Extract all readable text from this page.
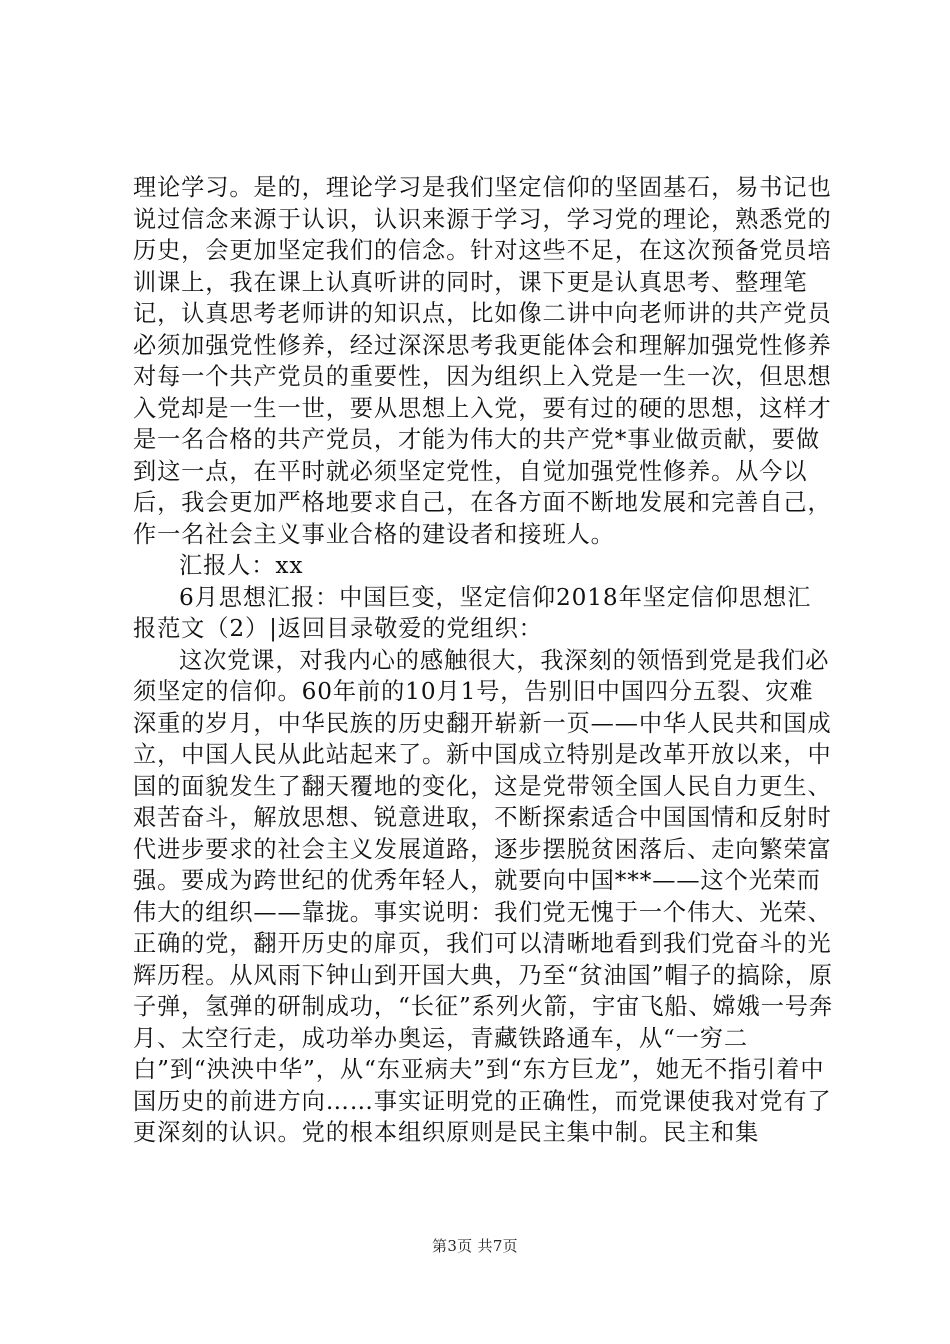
理论学习。是的，理论学习是我们坚定信仰的坚固基石，易书记也说过信念来源于认识，认识来源于学习，学习党的理论，熟悉党的历史，会更加坚定我们的信念。针对这些不足，在这次预备党员培训课上，我在课上认真听讲的同时，课下更是认真思考、整理笔记，认真思考老师讲的知识点，比如像二讲中向老师讲的共产党员必须加强党性修养，经过深深思考我更能体会和理解加强党性修养对每一个共产党员的重要性，因为组织上入党是一生一次，但思想入党却是一生一世，要从思想上入党，要有过的硬的思想，这样才是一名合格的共产党员，才能为伟大的共产党*事业做贡献，要做到这一点，在平时就必须坚定党性，自觉加强党性修养。从今以后，我会更加严格地要求自己，在各方面不断地发展和完善自己，作一名社会主义事业合格的建设者和接班人。

汇报人：xx

6月思想汇报：中国巨变，坚定信仰2018年坚定信仰思想汇报范文（2）|返回目录敬爱的党组织：

这次党课，对我内心的感触很大，我深刻的领悟到党是我们必须坚定的信仰。60年前的10月1号，告别旧中国四分五裂、灾难深重的岁月，中华民族的历史翻开崭新一页——中华人民共和国成立，中国人民从此站起来了。新中国成立特别是改革开放以来，中国的面貌发生了翻天覆地的变化，这是党带领全国人民自力更生、艰苦奋斗，解放思想、锐意进取，不断探索适合中国国情和反射时代进步要求的社会主义发展道路，逐步摆脱贫困落后、走向繁荣富强。要成为跨世纪的优秀年轻人，就要向中国***——这个光荣而伟大的组织——靠拢。事实说明：我们党无愧于一个伟大、光荣、正确的党，翻开历史的扉页，我们可以清晰地看到我们党奋斗的光辉历程。从风雨下钟山到开国大典，乃至“贫油国”帽子的搞除，原子弹，氢弹的研制成功，“长征”系列火箭，宇宙飞船、嫦娥一号奔月、太空行走，成功举办奥运，青藏铁路通车，从“一穷二白”到“泱泱中华”，从“东亚病夫”到“东方巨龙”，她无不指引着中国历史的前进方向……事实证明党的正确性，而党课使我对党有了更深刻的认识。党的根本组织原则是民主集中制。民主和集

第3页 共7页
